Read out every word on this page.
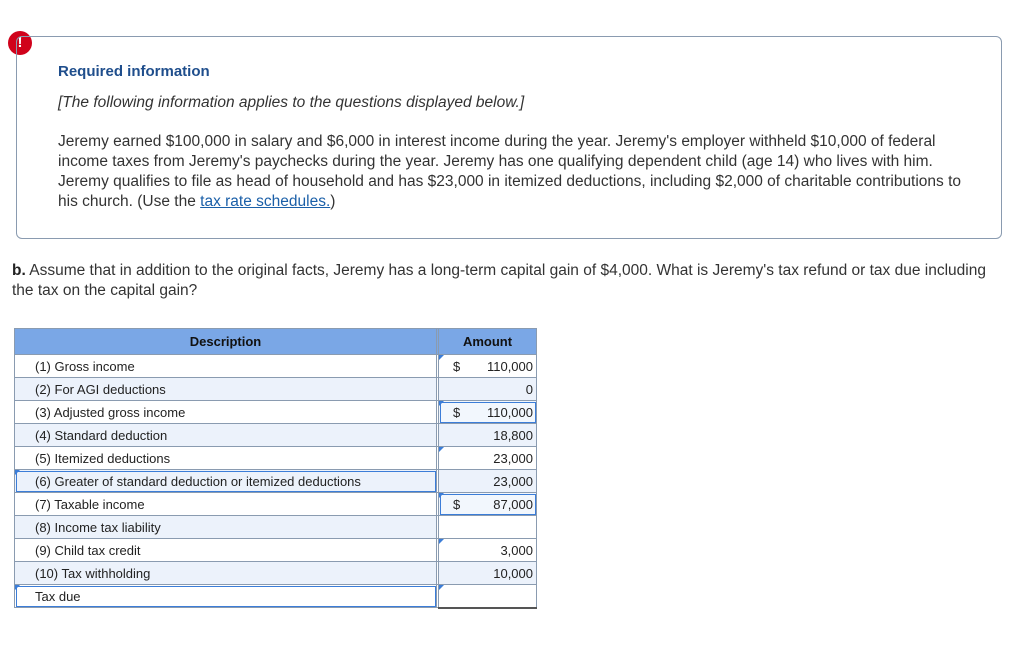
!

Required information

[The following information applies to the questions displayed below.]

Jeremy earned $100,000 in salary and $6,000 in interest income during the year. Jeremy's employer withheld $10,000 of federal income taxes from Jeremy's paychecks during the year. Jeremy has one qualifying dependent child (age 14) who lives with him. Jeremy qualifies to file as head of household and has $23,000 in itemized deductions, including $2,000 of charitable contributions to his church. (Use the tax rate schedules.)

b. Assume that in addition to the original facts, Jeremy has a long-term capital gain of $4,000. What is Jeremy's tax refund or tax due including the tax on the capital gain?

Description		Amount
(1) Gross income		$ 110,000

(2) For AGI deductions		0

(3) Adjusted gross income		$ 110,000

(4) Standard deduction		18,800

(5) Itemized deductions		23,000

(6) Greater of standard deduction or itemized deductions		23,000

(7) Taxable income		$ 87,000

(8) Income tax liability		

(9) Child tax credit		3,000

(10) Tax withholding		10,000

Tax due		
